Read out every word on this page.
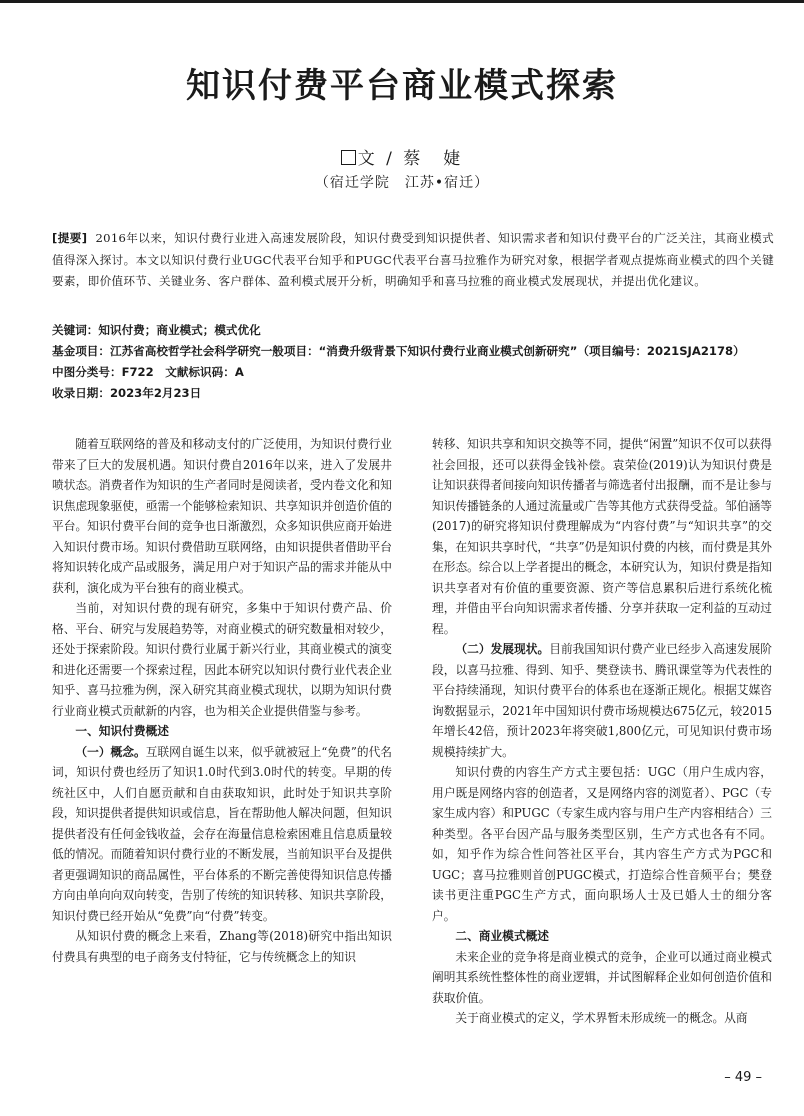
知识付费平台商业模式探索
文 / 蔡　婕
（宿迁学院　江苏•宿迁）
[提要] 2016年以来，知识付费行业进入高速发展阶段，知识付费受到知识提供者、知识需求者和知识付费平台的广泛关注，其商业模式值得深入探讨。本文以知识付费行业UGC代表平台知乎和PUGC代表平台喜马拉雅作为研究对象，根据学者观点提炼商业模式的四个关键要素，即价值环节、关键业务、客户群体、盈利模式展开分析，明确知乎和喜马拉雅的商业模式发展现状，并提出优化建议。

关键词：知识付费；商业模式；模式优化

基金项目：江苏省高校哲学社会科学研究一般项目：“消费升级背景下知识付费行业商业模式创新研究”（项目编号：2021SJA2178）

中图分类号：F722　文献标识码：A

收录日期：2023年2月23日

随着互联网络的普及和移动支付的广泛使用，为知识付费行业带来了巨大的发展机遇。知识付费自2016年以来，进入了发展井喷状态。消费者作为知识的生产者同时是阅读者，受内卷文化和知识焦虑现象驱使，亟需一个能够检索知识、共享知识并创造价值的平台。知识付费平台间的竞争也日渐激烈，众多知识供应商开始进入知识付费市场。知识付费借助互联网络，由知识提供者借助平台将知识转化成产品或服务，满足用户对于知识产品的需求并能从中获利，演化成为平台独有的商业模式。

当前，对知识付费的现有研究，多集中于知识付费产品、价格、平台、研究与发展趋势等，对商业模式的研究数量相对较少，还处于探索阶段。知识付费行业属于新兴行业，其商业模式的演变和进化还需要一个探索过程，因此本研究以知识付费行业代表企业知乎、喜马拉雅为例，深入研究其商业模式现状，以期为知识付费行业商业模式贡献新的内容，也为相关企业提供借鉴与参考。

一、知识付费概述

（一）概念。互联网自诞生以来，似乎就被冠上“免费”的代名词，知识付费也经历了知识1.0时代到3.0时代的转变。早期的传统社区中，人们自愿贡献和自由获取知识，此时处于知识共享阶段，知识提供者提供知识或信息，旨在帮助他人解决问题，但知识提供者没有任何金钱收益，会存在海量信息检索困难且信息质量较低的情况。而随着知识付费行业的不断发展，当前知识平台及提供者更强调知识的商品属性，平台体系的不断完善使得知识信息传播方向由单向向双向转变，告别了传统的知识转移、知识共享阶段，知识付费已经开始从“免费”向“付费”转变。

从知识付费的概念上来看，Zhang等(2018)研究中指出知识付费具有典型的电子商务支付特征，它与传统概念上的知识

转移、知识共享和知识交换等不同，提供“闲置”知识不仅可以获得社会回报，还可以获得金钱补偿。袁荣俭(2019)认为知识付费是让知识获得者间接向知识传播者与筛选者付出报酬，而不是让参与知识传播链条的人通过流量或广告等其他方式获得受益。邹伯涵等(2017)的研究将知识付费理解成为“内容付费”与“知识共享”的交集，在知识共享时代，“共享”仍是知识付费的内核，而付费是其外在形态。综合以上学者提出的概念，本研究认为，知识付费是指知识共享者对有价值的重要资源、资产等信息累积后进行系统化梳理，并借由平台向知识需求者传播、分享并获取一定利益的互动过程。

（二）发展现状。目前我国知识付费产业已经步入高速发展阶段，以喜马拉雅、得到、知乎、樊登读书、腾讯课堂等为代表性的平台持续涌现，知识付费平台的体系也在逐渐正规化。根据艾媒咨询数据显示，2021年中国知识付费市场规模达675亿元，较2015年增长42倍，预计2023年将突破1,800亿元，可见知识付费市场规模持续扩大。

知识付费的内容生产方式主要包括：UGC（用户生成内容，用户既是网络内容的创造者，又是网络内容的浏览者）、PGC（专家生成内容）和PUGC（专家生成内容与用户生产内容相结合）三种类型。各平台因产品与服务类型区别，生产方式也各有不同。如，知乎作为综合性问答社区平台，其内容生产方式为PGC和UGC；喜马拉雅则首创PUGC模式，打造综合性音频平台；樊登读书更注重PGC生产方式，面向职场人士及已婚人士的细分客户。

二、商业模式概述

未来企业的竞争将是商业模式的竞争，企业可以通过商业模式阐明其系统性整体性的商业逻辑，并试图解释企业如何创造价值和获取价值。

关于商业模式的定义，学术界暂未形成统一的概念。从商

– 49 –
